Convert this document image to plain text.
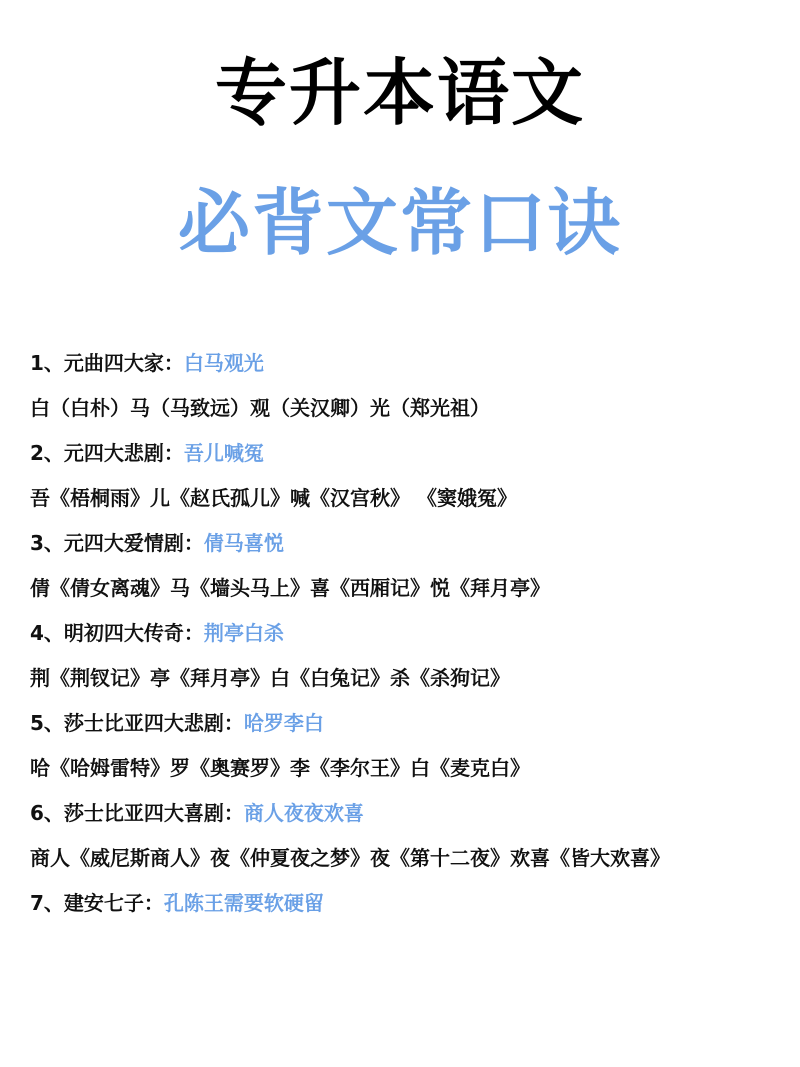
专升本语文
必背文常口诀
1、元曲四大家：白马观光
白（白朴）马（马致远）观（关汉卿）光（郑光祖）
2、元四大悲剧：吾儿喊冤
吾《梧桐雨》儿《赵氏孤儿》喊《汉宫秋》 《窦娥冤》
3、元四大爱情剧：倩马喜悦
倩《倩女离魂》马《墙头马上》喜《西厢记》悦《拜月亭》
4、明初四大传奇：荆亭白杀
荆《荆钗记》亭《拜月亭》白《白兔记》杀《杀狗记》
5、莎士比亚四大悲剧：哈罗李白
哈《哈姆雷特》罗《奥赛罗》李《李尔王》白《麦克白》
6、莎士比亚四大喜剧：商人夜夜欢喜
商人《威尼斯商人》夜《仲夏夜之梦》夜《第十二夜》欢喜《皆大欢喜》
7、建安七子：孔陈王需要软硬留
